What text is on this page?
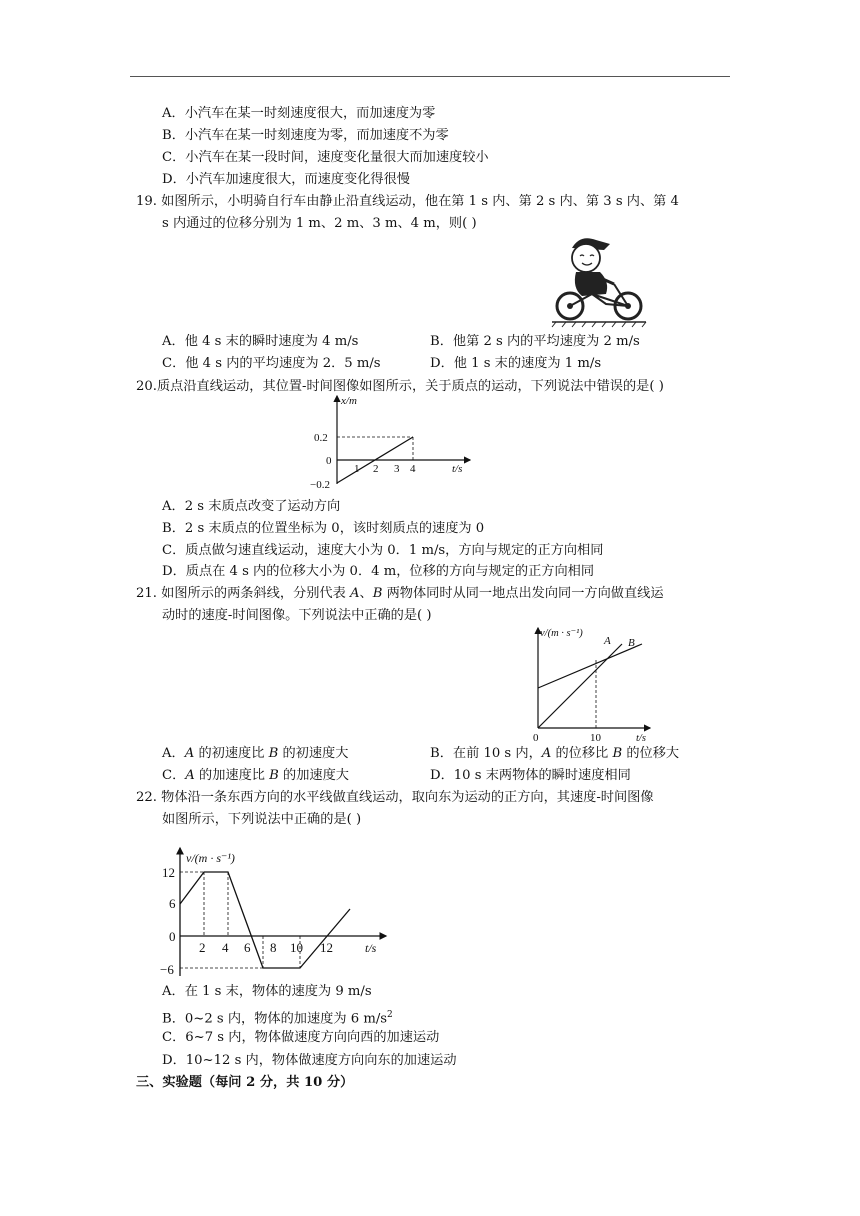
A．小汽车在某一时刻速度很大，而加速度为零
B．小汽车在某一时刻速度为零，而加速度不为零
C．小汽车在某一段时间，速度变化量很大而加速度较小
D．小汽车加速度很大，而速度变化得很慢
19. 如图所示，小明骑自行车由静止沿直线运动，他在第 1 s 内、第 2 s 内、第 3 s 内、第 4
s 内通过的位移分别为 1 m、2 m、3 m、4 m，则( )
A．他 4 s 末的瞬时速度为 4 m/s	B．他第 2 s 内的平均速度为 2 m/s
C．他 4 s 内的平均速度为 2．5 m/s	D．他 1 s 末的速度为 1 m/s
20.质点沿直线运动，其位置-时间图像如图所示，关于质点的运动，下列说法中错误的是( )
x/m
t/s
0.2
0
−0.2
1 2 3 4
A．2 s 末质点改变了运动方向
B．2 s 末质点的位置坐标为 0，该时刻质点的速度为 0
C．质点做匀速直线运动，速度大小为 0．1 m/s，方向与规定的正方向相同
D．质点在 4 s 内的位移大小为 0．4 m，位移的方向与规定的正方向相同
21. 如图所示的两条斜线，分别代表 A、B 两物体同时从同一地点出发向同一方向做直线运
动时的速度-时间图像。下列说法中正确的是( )
v/(m · s⁻¹)
t/s
0	10
A B
A．A 的初速度比 B 的初速度大	B．在前 10 s 内，A 的位移比 B 的位移大
C．A 的加速度比 B 的加速度大	D．10 s 末两物体的瞬时速度相同
22. 物体沿一条东西方向的水平线做直线运动，取向东为运动的正方向，其速度-时间图像
如图所示，下列说法中正确的是( )
v/(m · s⁻¹)
t/s
12
6
0
−6
2 4 6 8 10 12
A．在 1 s 末，物体的速度为 9 m/s
B．0~2 s 内，物体的加速度为 6 $m/s^2$
C．6~7 s 内，物体做速度方向向西的加速运动
D．10~12 s 内，物体做速度方向向东的加速运动
三、实验题（每问 2 分，共 10 分）
